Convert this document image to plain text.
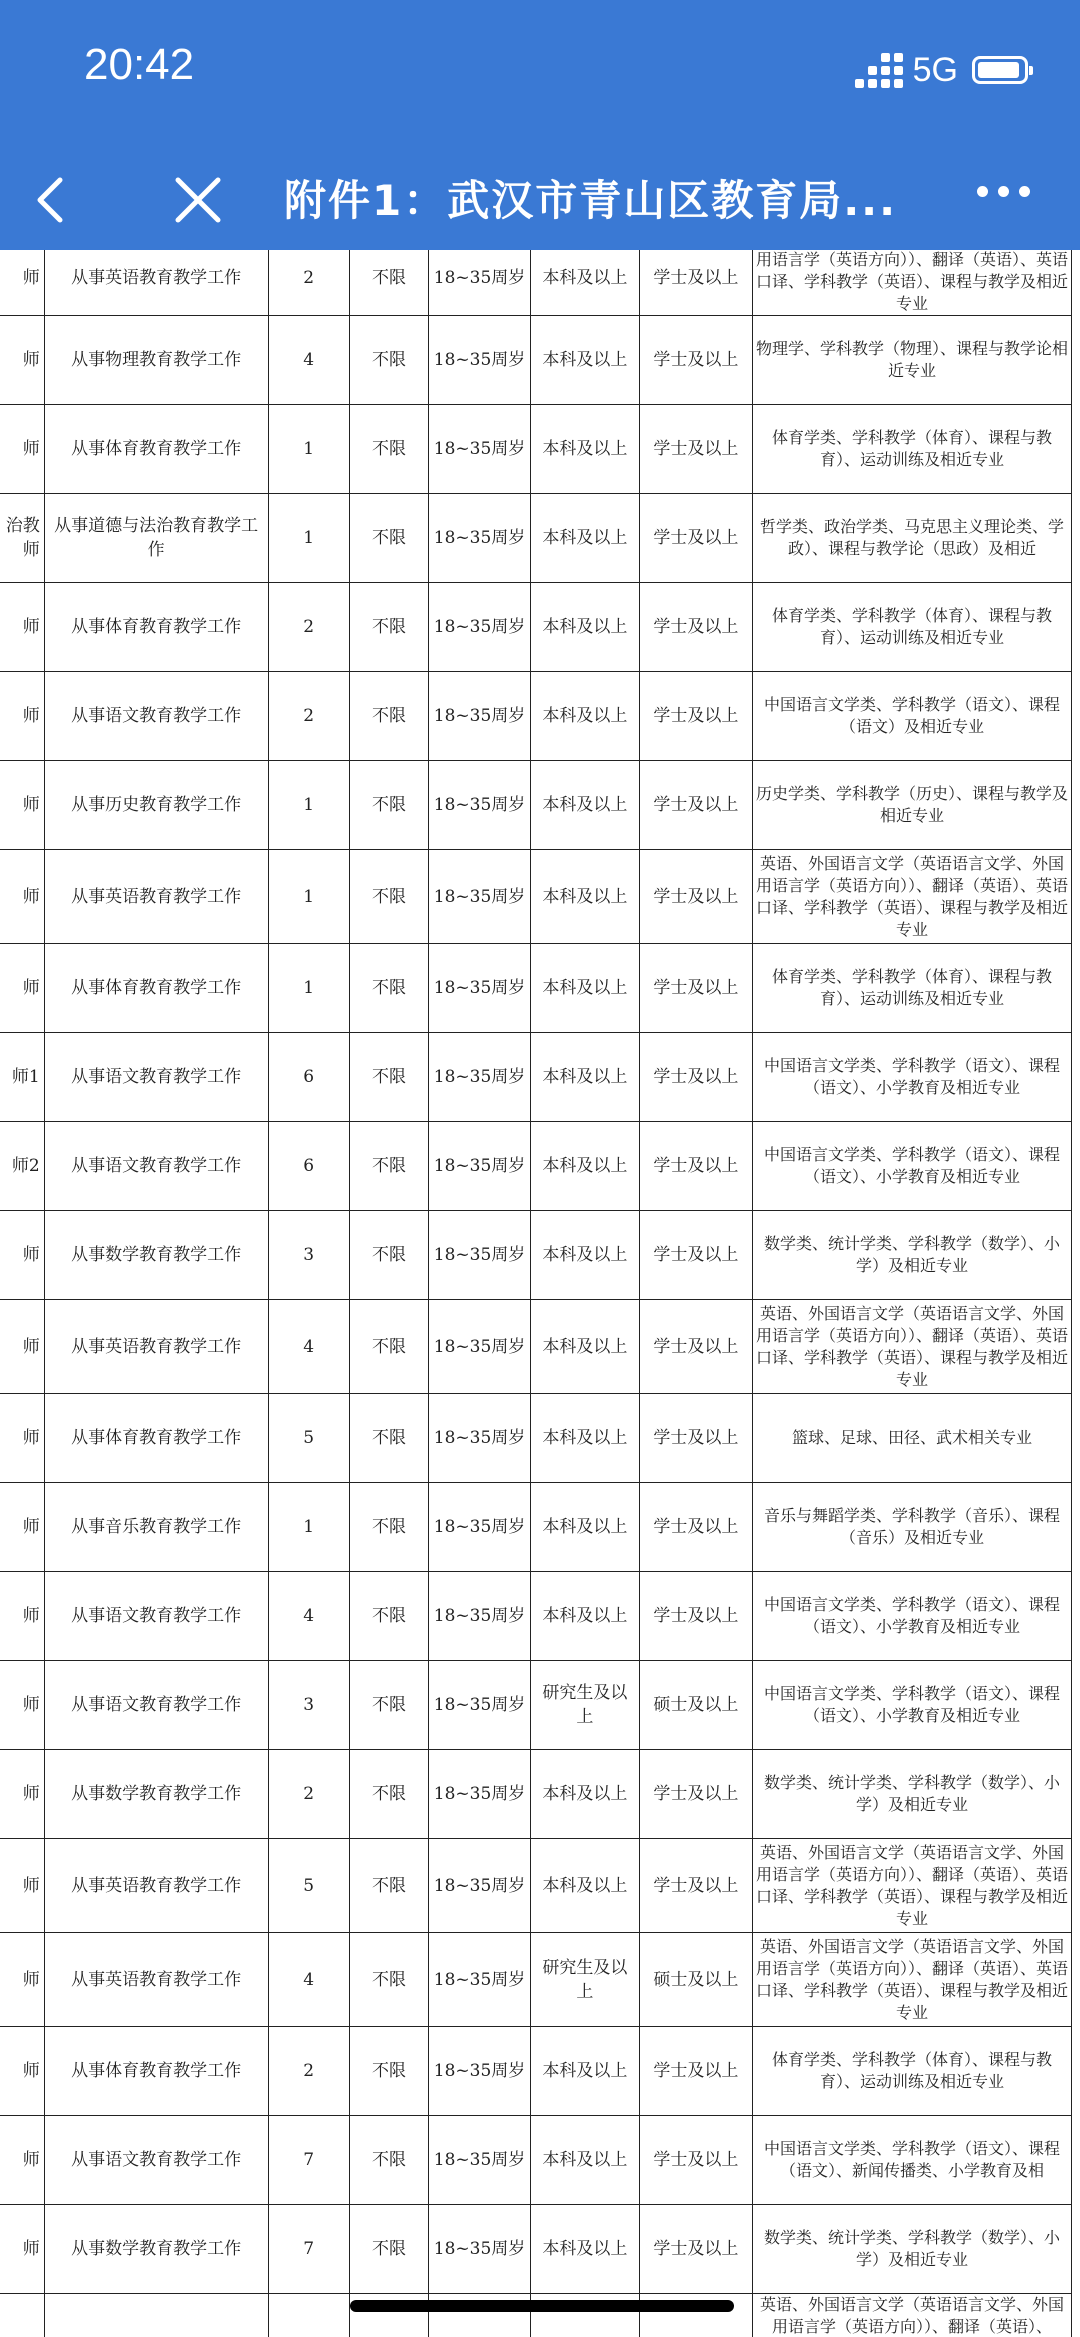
20:42	5G
附件1：武汉市青山区教育局...
师	从事英语教育教学工作	2	不限	18~35周岁	本科及以上	学士及以上	用语言学（英语方向））、翻译（英语）、英语口译、学科教学（英语）、课程与教学及相近专业
师	从事物理教育教学工作	4	不限	18~35周岁	本科及以上	学士及以上	物理学、学科教学（物理）、课程与教学论相近专业
师	从事体育教育教学工作	1	不限	18~35周岁	本科及以上	学士及以上	体育学类、学科教学（体育）、课程与教育）、运动训练及相近专业
治教师	从事道德与法治教育教学工作	1	不限	18~35周岁	本科及以上	学士及以上	哲学类、政治学类、马克思主义理论类、学政）、课程与教学论（思政）及相近
师	从事体育教育教学工作	2	不限	18~35周岁	本科及以上	学士及以上	体育学类、学科教学（体育）、课程与教育）、运动训练及相近专业
师	从事语文教育教学工作	2	不限	18~35周岁	本科及以上	学士及以上	中国语言文学类、学科教学（语文）、课程（语文）及相近专业
师	从事历史教育教学工作	1	不限	18~35周岁	本科及以上	学士及以上	历史学类、学科教学（历史）、课程与教学及相近专业
师	从事英语教育教学工作	1	不限	18~35周岁	本科及以上	学士及以上	英语、外国语言文学（英语语言文学、外国用语言学（英语方向））、翻译（英语）、英语口译、学科教学（英语）、课程与教学及相近专业
师	从事体育教育教学工作	1	不限	18~35周岁	本科及以上	学士及以上	体育学类、学科教学（体育）、课程与教育）、运动训练及相近专业
师1	从事语文教育教学工作	6	不限	18~35周岁	本科及以上	学士及以上	中国语言文学类、学科教学（语文）、课程（语文）、小学教育及相近专业
师2	从事语文教育教学工作	6	不限	18~35周岁	本科及以上	学士及以上	中国语言文学类、学科教学（语文）、课程（语文）、小学教育及相近专业
师	从事数学教育教学工作	3	不限	18~35周岁	本科及以上	学士及以上	数学类、统计学类、学科教学（数学）、小学）及相近专业
师	从事英语教育教学工作	4	不限	18~35周岁	本科及以上	学士及以上	英语、外国语言文学（英语语言文学、外国用语言学（英语方向））、翻译（英语）、英语口译、学科教学（英语）、课程与教学及相近专业
师	从事体育教育教学工作	5	不限	18~35周岁	本科及以上	学士及以上	篮球、足球、田径、武术相关专业
师	从事音乐教育教学工作	1	不限	18~35周岁	本科及以上	学士及以上	音乐与舞蹈学类、学科教学（音乐）、课程（音乐）及相近专业
师	从事语文教育教学工作	4	不限	18~35周岁	本科及以上	学士及以上	中国语言文学类、学科教学（语文）、课程（语文）、小学教育及相近专业
师	从事语文教育教学工作	3	不限	18~35周岁	研究生及以上	硕士及以上	中国语言文学类、学科教学（语文）、课程（语文）、小学教育及相近专业
师	从事数学教育教学工作	2	不限	18~35周岁	本科及以上	学士及以上	数学类、统计学类、学科教学（数学）、小学）及相近专业
师	从事英语教育教学工作	5	不限	18~35周岁	本科及以上	学士及以上	英语、外国语言文学（英语语言文学、外国用语言学（英语方向））、翻译（英语）、英语口译、学科教学（英语）、课程与教学及相近专业
师	从事英语教育教学工作	4	不限	18~35周岁	研究生及以上	硕士及以上	英语、外国语言文学（英语语言文学、外国用语言学（英语方向））、翻译（英语）、英语口译、学科教学（英语）、课程与教学及相近专业
师	从事体育教育教学工作	2	不限	18~35周岁	本科及以上	学士及以上	体育学类、学科教学（体育）、课程与教育）、运动训练及相近专业
师	从事语文教育教学工作	7	不限	18~35周岁	本科及以上	学士及以上	中国语言文学类、学科教学（语文）、课程（语文）、新闻传播类、小学教育及相
师	从事数学教育教学工作	7	不限	18~35周岁	本科及以上	学士及以上	数学类、统计学类、学科教学（数学）、小学）及相近专业
							英语、外国语言文学（英语语言文学、外国用语言学（英语方向））、翻译（英语）、
